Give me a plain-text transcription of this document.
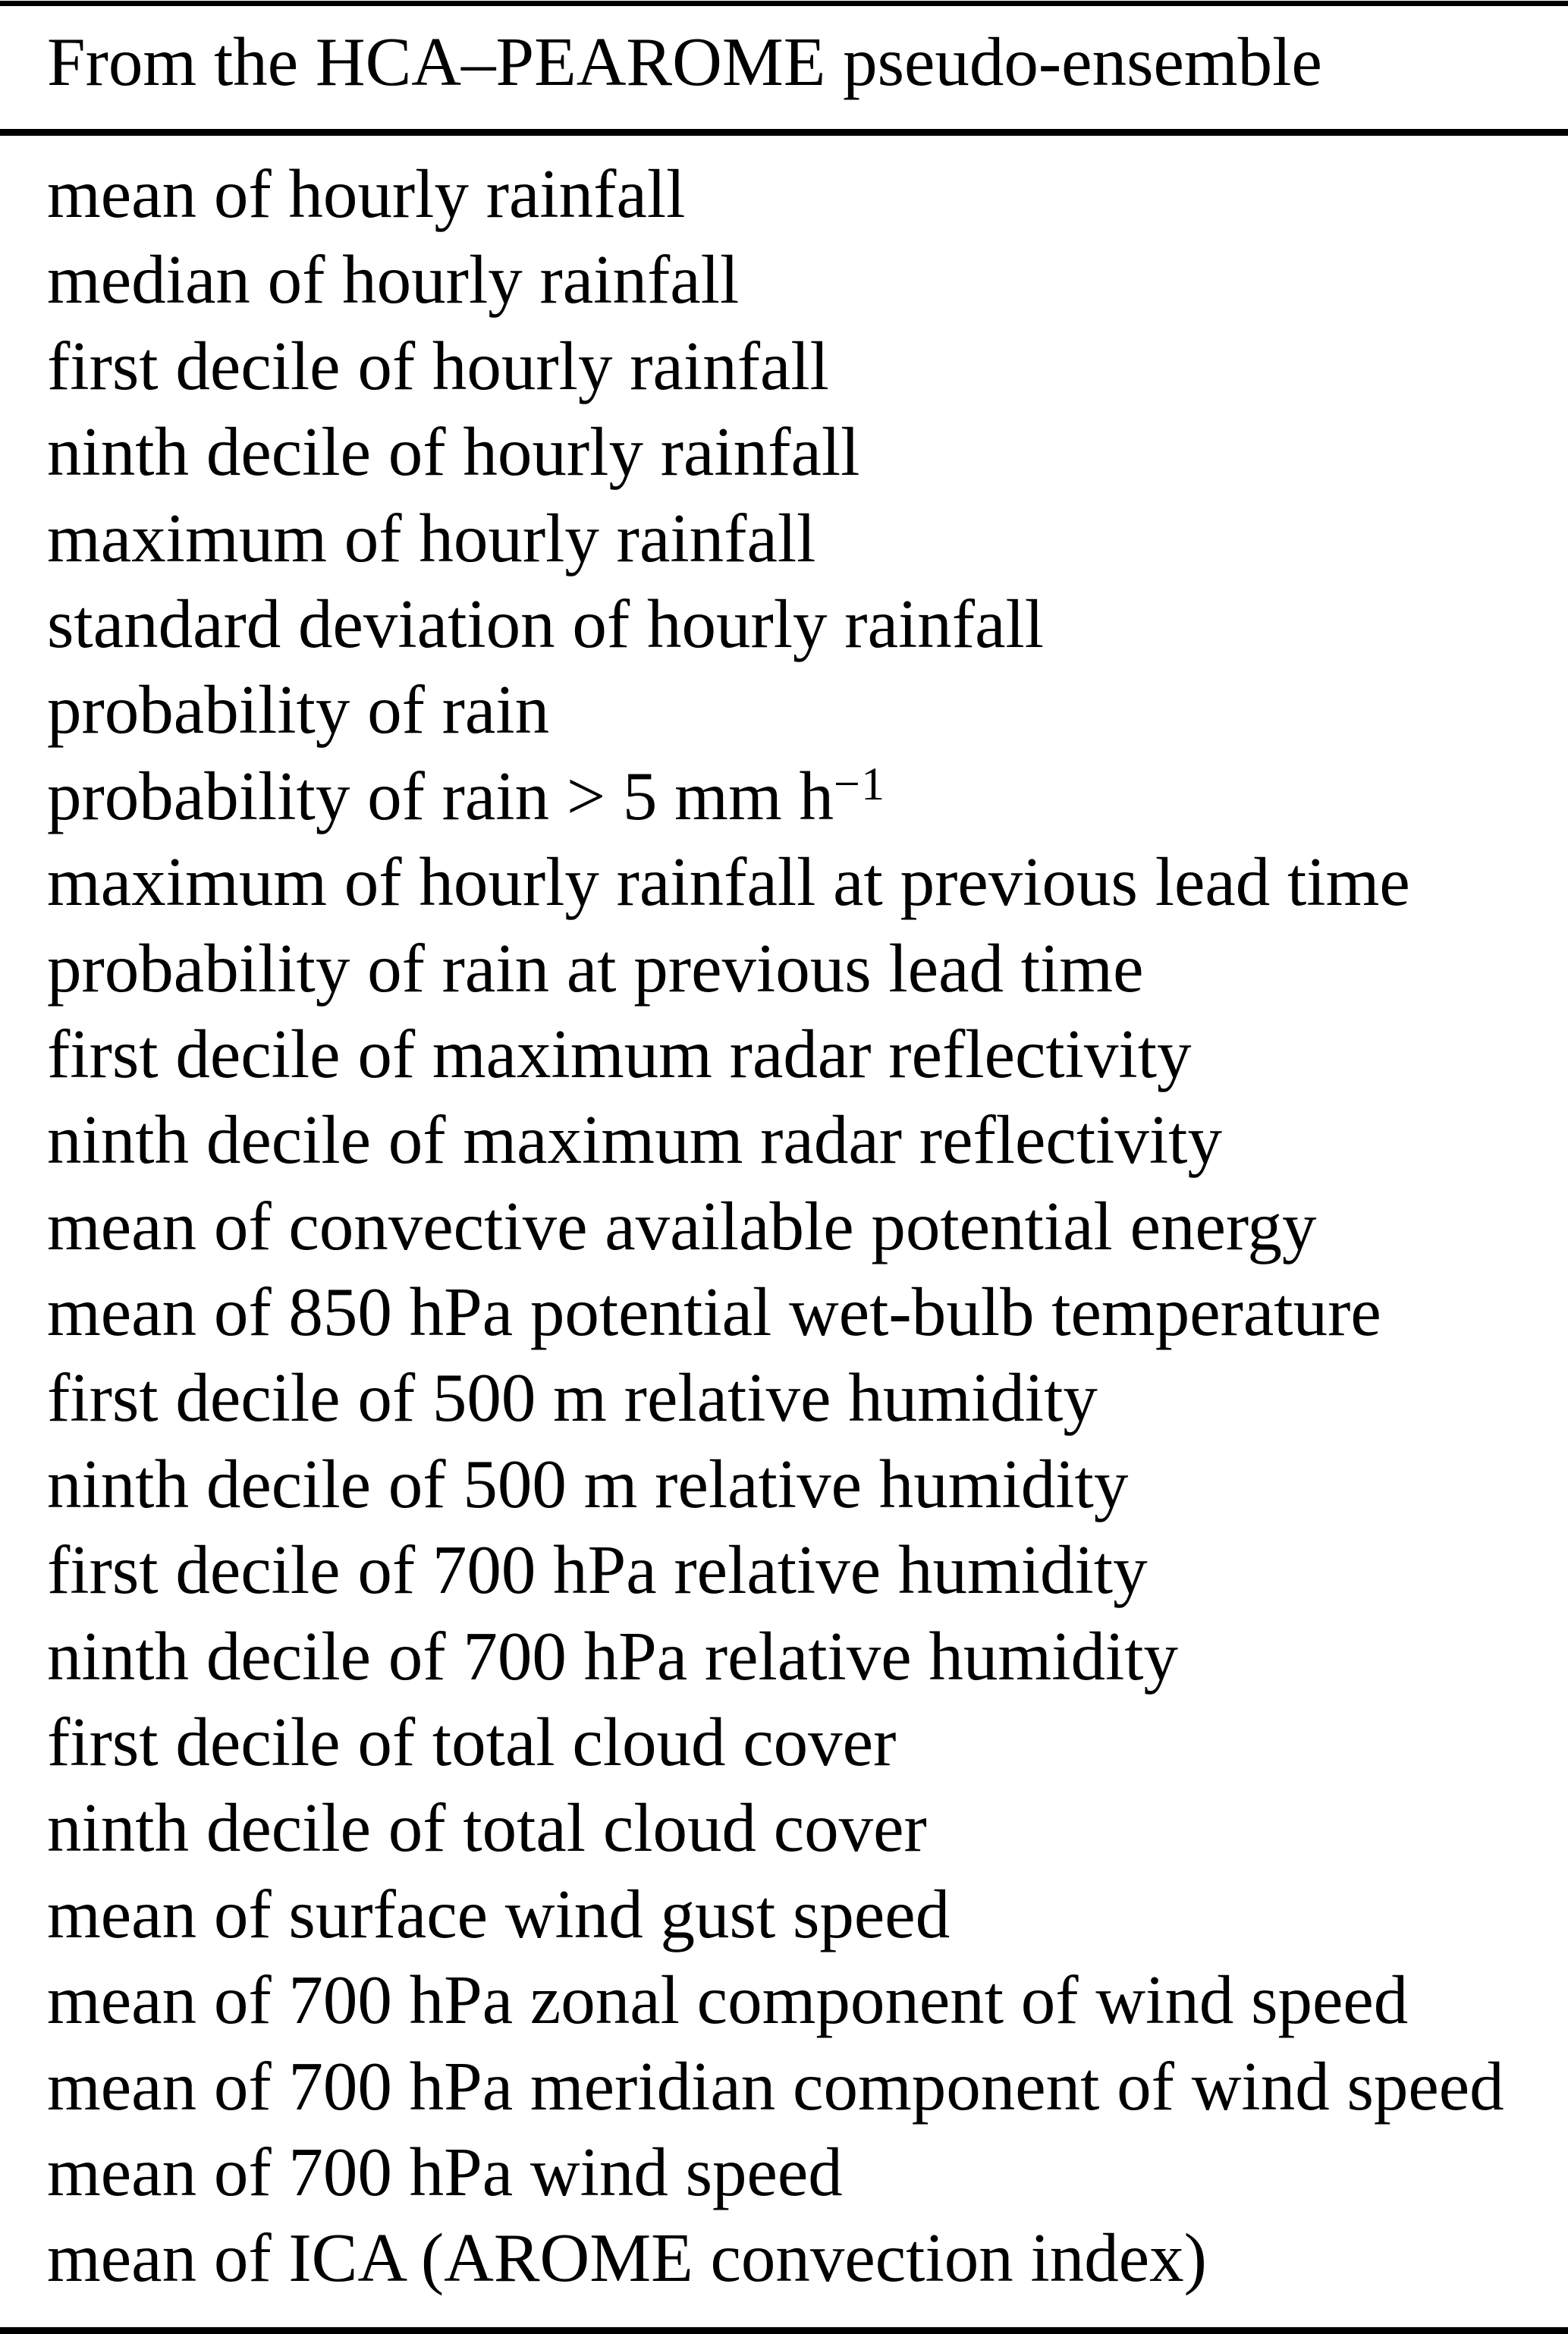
From the HCA–PEAROME pseudo-ensemble
mean of hourly rainfall
median of hourly rainfall
first decile of hourly rainfall
ninth decile of hourly rainfall
maximum of hourly rainfall
standard deviation of hourly rainfall
probability of rain
probability of rain > 5 mm $h^{-1}$
maximum of hourly rainfall at previous lead time
probability of rain at previous lead time
first decile of maximum radar reflectivity
ninth decile of maximum radar reflectivity
mean of convective available potential energy
mean of 850 hPa potential wet-bulb temperature
first decile of 500 m relative humidity
ninth decile of 500 m relative humidity
first decile of 700 hPa relative humidity
ninth decile of 700 hPa relative humidity
first decile of total cloud cover
ninth decile of total cloud cover
mean of surface wind gust speed
mean of 700 hPa zonal component of wind speed
mean of 700 hPa meridian component of wind speed
mean of 700 hPa wind speed
mean of ICA (AROME convection index)
